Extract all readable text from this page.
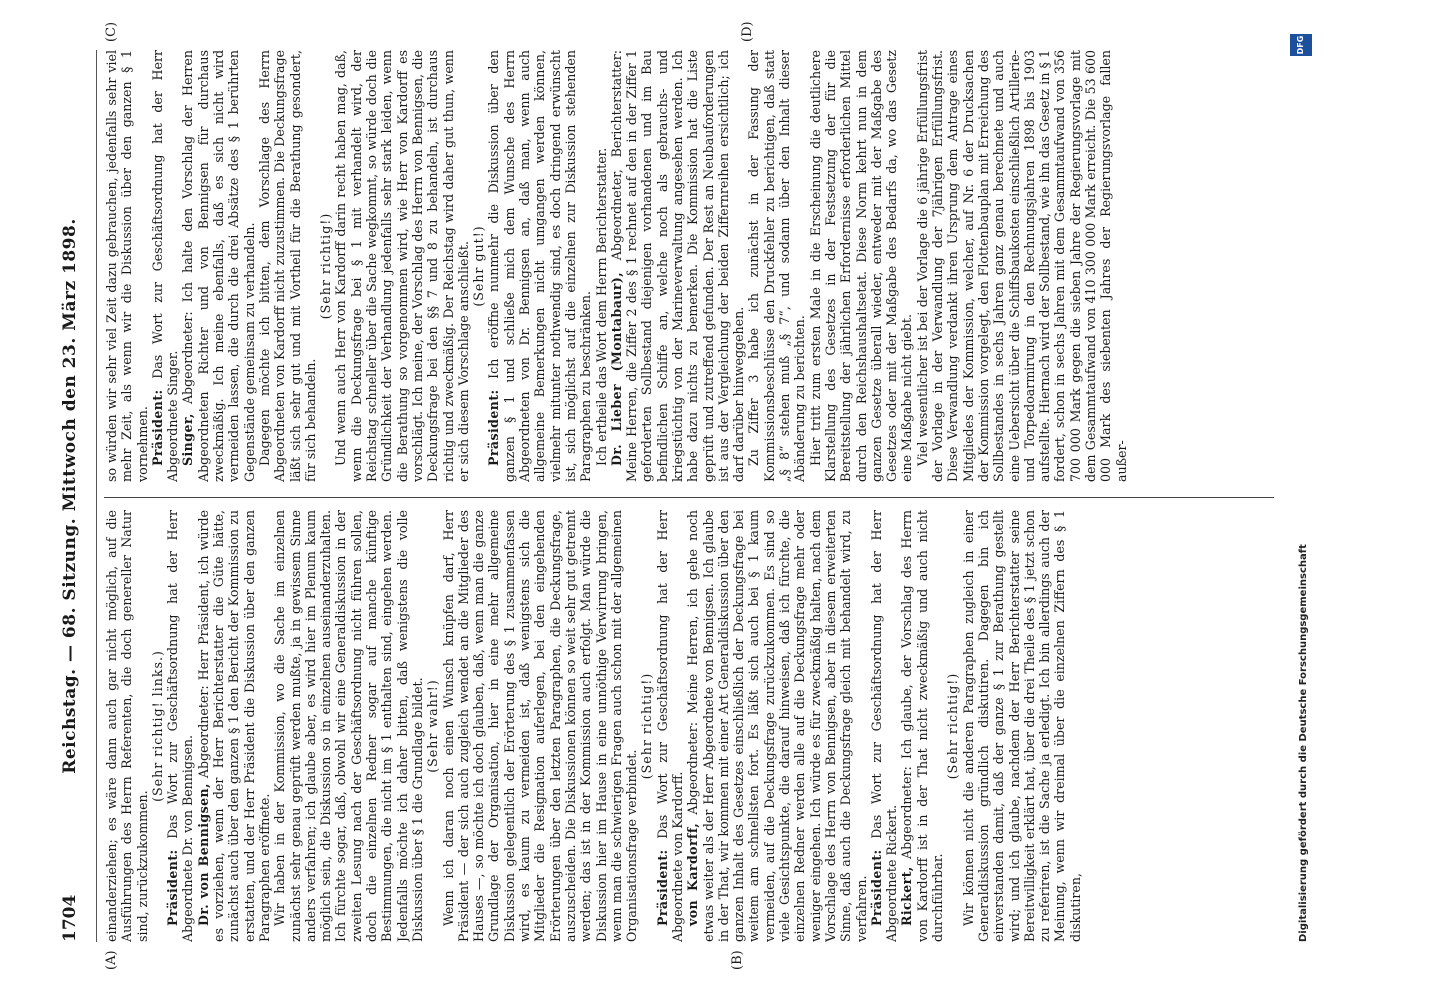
1704
Reichstag. — 68. Sitzung. Mittwoch den 23. März 1898.
(A)	(B)
(C)	(D)

einanderziehen; es wäre dann auch gar nicht möglich, auf die Ausführungen des Herrn Referenten, die doch genereller Natur sind, zurückzukommen.

(Sehr richtig! links.)

Präsident: Das Wort zur Geschäftsordnung hat der Herr Abgeordnete Dr. von Bennigsen. Dr. von Bennigsen, Abgeordneter: Herr Präsident, ich würde es vorziehen, wenn der Herr Berichterstatter die Güte hätte, zunächst auch über den ganzen § 1 den Bericht der Kommission zu erstatten, und der Herr Präsident die Diskussion über den ganzen Paragraphen eröffnete. Wir haben in der Kommission, wo die Sache im einzelnen zunächst sehr genau geprüft werden mußte, ja in gewissem Sinne anders verfahren; ich glaube aber, es wird hier im Plenum kaum möglich sein, die Diskussion so in einzelnen auseinanderzuhalten. Ich fürchte sogar, daß, obwohl wir eine Generaldiskussion in der zweiten Lesung nach der Geschäftsordnung nicht führen sollen, doch die einzelnen Redner sogar auf manche künftige Bestimmungen, die nicht im § 1 enthalten sind, eingehen werden. Jedenfalls möchte ich daher bitten, daß wenigstens die volle Diskussion über § 1 die Grundlage bildet. (Sehr wahr!) Wenn ich daran noch einen Wunsch knüpfen darf, Herr Präsident — der sich auch zugleich wendet an die Mitglieder des Hauses —, so möchte ich doch glauben, daß, wenn man die ganze Grundlage der Organisation, hier in eine mehr allgemeine Diskussion gelegentlich der Erörterung des § 1 zusammenfassen wird, es kaum zu vermeiden ist, daß wenigstens sich die Mitglieder die Resignation auferlegen, bei den eingehenden Erörterungen über den letzten Paragraphen, die Deckungsfrage, auszuscheiden. Die Diskussionen können so weit sehr gut getrennt werden; das ist in der Kommission auch erfolgt. Man würde die Diskussion hier im Hause in eine unnöthige Verwirrung bringen, wenn man die schwierigen Fragen auch schon mit der allgemeinen Organisationsfrage verbindet.

(Sehr richtig!)

Präsident: Das Wort zur Geschäftsordnung hat der Herr Abgeordnete von Kardorff. von Kardorff, Abgeordneter: Meine Herren, ich gehe noch etwas weiter als der Herr Abgeordnete von Bennigsen. Ich glaube in der That, wir kommen mit einer Art Generaldiskussion über den ganzen Inhalt des Gesetzes einschließlich der Deckungsfrage bei weitem am schnellsten fort. Es läßt sich auch bei § 1 kaum vermeiden, auf die Deckungsfrage zurückzukommen. Es sind so viele Gesichtspunkte, die darauf hinweisen, daß ich fürchte, die einzelnen Redner werden alle auf die Deckungsfrage mehr oder weniger eingehen. Ich würde es für zweckmäßig halten, nach dem Vorschlage des Herrn von Bennigsen, aber in diesem erweiterten Sinne, daß auch die Deckungsfrage gleich mit behandelt wird, zu verfahren. Präsident: Das Wort zur Geschäftsordnung hat der Herr Abgeordnete Rickert. Rickert, Abgeordneter: Ich glaube, der Vorschlag des Herrn von Kardorff ist in der That nicht zweckmäßig und auch nicht durchführbar.

(Sehr richtig!) Wir können nicht die anderen Paragraphen zugleich in einer Generaldiskussion gründlich diskutiren. Dagegen bin ich einverstanden damit, daß der ganze § 1 zur Berathung gestellt wird; und ich glaube, nachdem der Herr Berichterstatter seine Bereitwilligkeit erklärt hat, über die drei Theile des § 1 jetzt schon zu referiren, ist die Sache ja erledigt. Ich bin allerdings auch der Meinung, wenn wir dreimal über die einzelnen Ziffern des § 1 diskutiren,

so würden wir sehr viel Zeit dazu gebrauchen, jedenfalls sehr viel mehr Zeit, als wenn wir die Diskussion über den ganzen § 1 vornehmen. Präsident: Das Wort zur Geschäftsordnung hat der Herr Abgeordnete Singer. Singer, Abgeordneter: Ich halte den Vorschlag der Herren Abgeordneten Richter und von Bennigsen für durchaus zweckmäßig. Ich meine ebenfalls, daß es sich nicht wird vermeiden lassen, die durch die drei Absätze des § 1 berührten Gegenstände gemeinsam zu verhandeln. Dagegen möchte ich bitten, dem Vorschlage des Herrn Abgeordneten von Kardorff nicht zuzustimmen. Die Deckungsfrage läßt sich sehr gut und mit Vortheil für die Berathung gesondert, für sich behandeln.

(Sehr richtig!) Und wenn auch Herr von Kardorff darin recht haben mag, daß, wenn die Deckungsfrage bei § 1 mit verhandelt wird, der Reichstag schneller über die Sache wegkommt, so würde doch die Gründlichkeit der Verhandlung jedenfalls sehr stark leiden, wenn die Berathung so vorgenommen wird, wie Herr von Kardorff es vorschlägt. Ich meine, der Vorschlag des Herrn von Bennigsen, die Deckungsfrage bei den §§ 7 und 8 zu behandeln, ist durchaus richtig und zweckmäßig. Der Reichstag wird daher gut thun, wenn er sich diesem Vorschlage anschließt. (Sehr gut!)

Präsident: Ich eröffne nunmehr die Diskussion über den ganzen § 1 und schließe mich dem Wunsche des Herrn Abgeordneten von Dr. Bennigsen an, daß man, wenn auch allgemeine Bemerkungen nicht umgangen werden können, vielmehr mitunter nothwendig sind, es doch dringend erwünscht ist, sich möglichst auf die einzelnen zur Diskussion stehenden Paragraphen zu beschränken. Ich ertheile das Wort dem Herrn Berichterstatter. Dr. Lieber (Montabaur), Abgeordneter, Berichterstatter: Meine Herren, die Ziffer 2 des § 1 rechnet auf den in der Ziffer 1 geforderten Sollbestand diejenigen vorhandenen und im Bau befindlichen Schiffe an, welche noch als gebrauchs- und kriegstüchtig von der Marineverwaltung angesehen werden. Ich habe dazu nichts zu bemerken. Die Kommission hat die Liste geprüft und zutreffend gefunden. Der Rest an Neubauforderungen ist aus der Vergleichung der beiden Ziffernreihen ersichtlich; ich darf darüber hinweggehen. Zu Ziffer 3 habe ich zunächst in der Fassung der Kommissionsbeschlüsse den Druckfehler zu berichtigen, daß statt „§ 8“ stehen muß „§ 7“, und sodann über den Inhalt dieser Abänderung zu berichten. Hier tritt zum ersten Male in die Erscheinung die deutlichere Klarstellung des Gesetzes in der Festsetzung der für die Bereitstellung der jährlichen Erfordernisse erforderlichen Mittel durch den Reichshaushaltsetat. Diese Norm kehrt nun in dem ganzen Gesetze überall wieder, entweder mit der Maßgabe des Gesetzes oder mit der Maßgabe des Bedarfs da, wo das Gesetz eine Maßgabe nicht giebt. Viel wesentlicher ist bei der Vorlage die 6 jährige Erfüllungsfrist der Vorlage in der Verwandlung der 7jährigen Erfüllungsfrist. Diese Verwandlung verdankt ihren Ursprung dem Antrage eines Mitgliedes der Kommission, welcher, auf Nr. 6 der Drucksachen der Kommission vorgelegt, den Flottenbauplan mit Erreichung des Sollbestandes in sechs Jahren ganz genau berechnete und auch eine Uebersicht über die Schiffsbaukosten einschließlich Artillerie- und Torpedoarmirung in den Rechnungsjahren 1898 bis 1903 aufstellte. Hiernach wird der Sollbestand, wie ihn das Gesetz in § 1 fordert, schon in sechs Jahren mit dem Gesammtaufwand von 356 700 000 Mark gegen die sieben Jahre der Regierungsvorlage mit dem Gesammtaufwand von 410 300 000 Mark erreicht. Die 53 600 000 Mark des siebenten Jahres der Regierungsvorlage fallen außer-

Digitalisierung gefördert durch die Deutsche Forschungsgemeinschaft
DFG
